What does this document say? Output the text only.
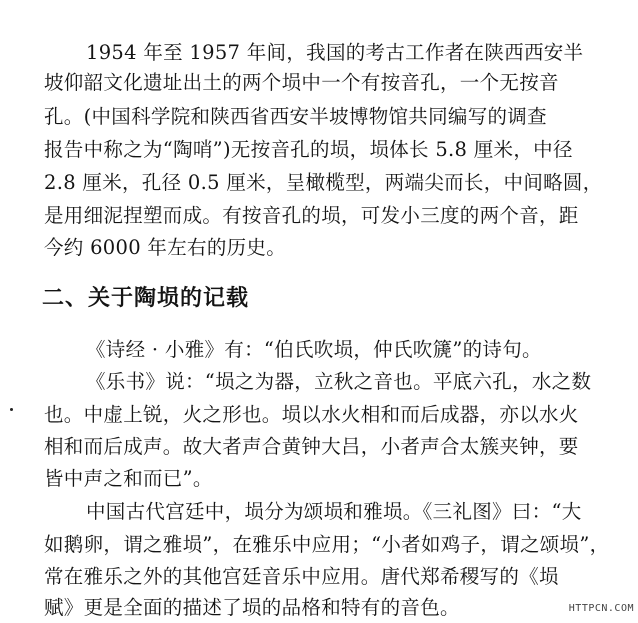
1954 年至 1957 年间，我国的考古工作者在陕西西安半
坡仰韶文化遗址出土的两个埙中一个有按音孔，一个无按音
孔。(中国科学院和陕西省西安半坡博物馆共同编写的调查
报告中称之为“陶哨”)无按音孔的埙，埙体长 5.8 厘米，中径
2.8 厘米，孔径 0.5 厘米，呈橄榄型，两端尖而长，中间略圆，
是用细泥捏塑而成。有按音孔的埙，可发小三度的两个音，距
今约 6000 年左右的历史。
二、关于陶埙的记载
《诗经 · 小雅》有：“伯氏吹埙，仲氏吹篪”的诗句。
《乐书》说：“埙之为器，立秋之音也。平底六孔，水之数
也。中虚上锐，火之形也。埙以水火相和而后成器，亦以水火
相和而后成声。故大者声合黄钟大吕，小者声合太簇夹钟，要
皆中声之和而已”。
中国古代宫廷中，埙分为颂埙和雅埙。《三礼图》曰：“大
如鹅卵，谓之雅埙”，在雅乐中应用；“小者如鸡子，谓之颂埙”，
常在雅乐之外的其他宫廷音乐中应用。唐代郑希稷写的《埙
赋》更是全面的描述了埙的品格和特有的音色。	HTTPCN.COM
